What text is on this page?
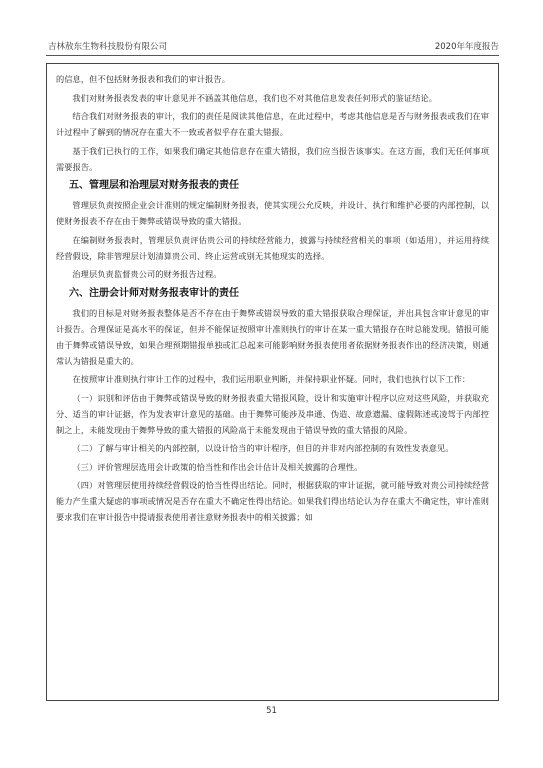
吉林敖东生物科技股份有限公司	2020年年度报告

的信息，但不包括财务报表和我们的审计报告。

我们对财务报表发表的审计意见并不涵盖其他信息，我们也不对其他信息发表任何形式的鉴证结论。

结合我们对财务报表的审计，我们的责任是阅读其他信息，在此过程中，考虑其他信息是否与财务报表或我们在审计过程中了解到的情况存在重大不一致或者似乎存在重大错报。

基于我们已执行的工作，如果我们确定其他信息存在重大错报，我们应当报告该事实。在这方面，我们无任何事项需要报告。

五、管理层和治理层对财务报表的责任

管理层负责按照企业会计准则的规定编制财务报表，使其实现公允反映，并设计、执行和维护必要的内部控制，以使财务报表不存在由于舞弊或错误导致的重大错报。

在编制财务报表时，管理层负责评估贵公司的持续经营能力，披露与持续经营相关的事项（如适用），并运用持续经营假设，除非管理层计划清算贵公司、终止运营或别无其他现实的选择。

治理层负责监督贵公司的财务报告过程。

六、注册会计师对财务报表审计的责任

我们的目标是对财务报表整体是否不存在由于舞弊或错误导致的重大错报获取合理保证，并出具包含审计意见的审计报告。合理保证是高水平的保证，但并不能保证按照审计准则执行的审计在某一重大错报存在时总能发现。错报可能由于舞弊或错误导致，如果合理预期错报单独或汇总起来可能影响财务报表使用者依据财务报表作出的经济决策，则通常认为错报是重大的。

在按照审计准则执行审计工作的过程中，我们运用职业判断，并保持职业怀疑。同时，我们也执行以下工作：

（一）识别和评估由于舞弊或错误导致的财务报表重大错报风险，设计和实施审计程序以应对这些风险，并获取充分、适当的审计证据，作为发表审计意见的基础。由于舞弊可能涉及串通、伪造、故意遗漏、虚假陈述或凌驾于内部控制之上，未能发现由于舞弊导致的重大错报的风险高于未能发现由于错误导致的重大错报的风险。

（二）了解与审计相关的内部控制，以设计恰当的审计程序，但目的并非对内部控制的有效性发表意见。

（三）评价管理层选用会计政策的恰当性和作出会计估计及相关披露的合理性。

（四）对管理层使用持续经营假设的恰当性得出结论。同时，根据获取的审计证据，就可能导致对贵公司持续经营能力产生重大疑虑的事项或情况是否存在重大不确定性得出结论。如果我们得出结论认为存在重大不确定性，审计准则要求我们在审计报告中提请报表使用者注意财务报表中的相关披露；如

51
